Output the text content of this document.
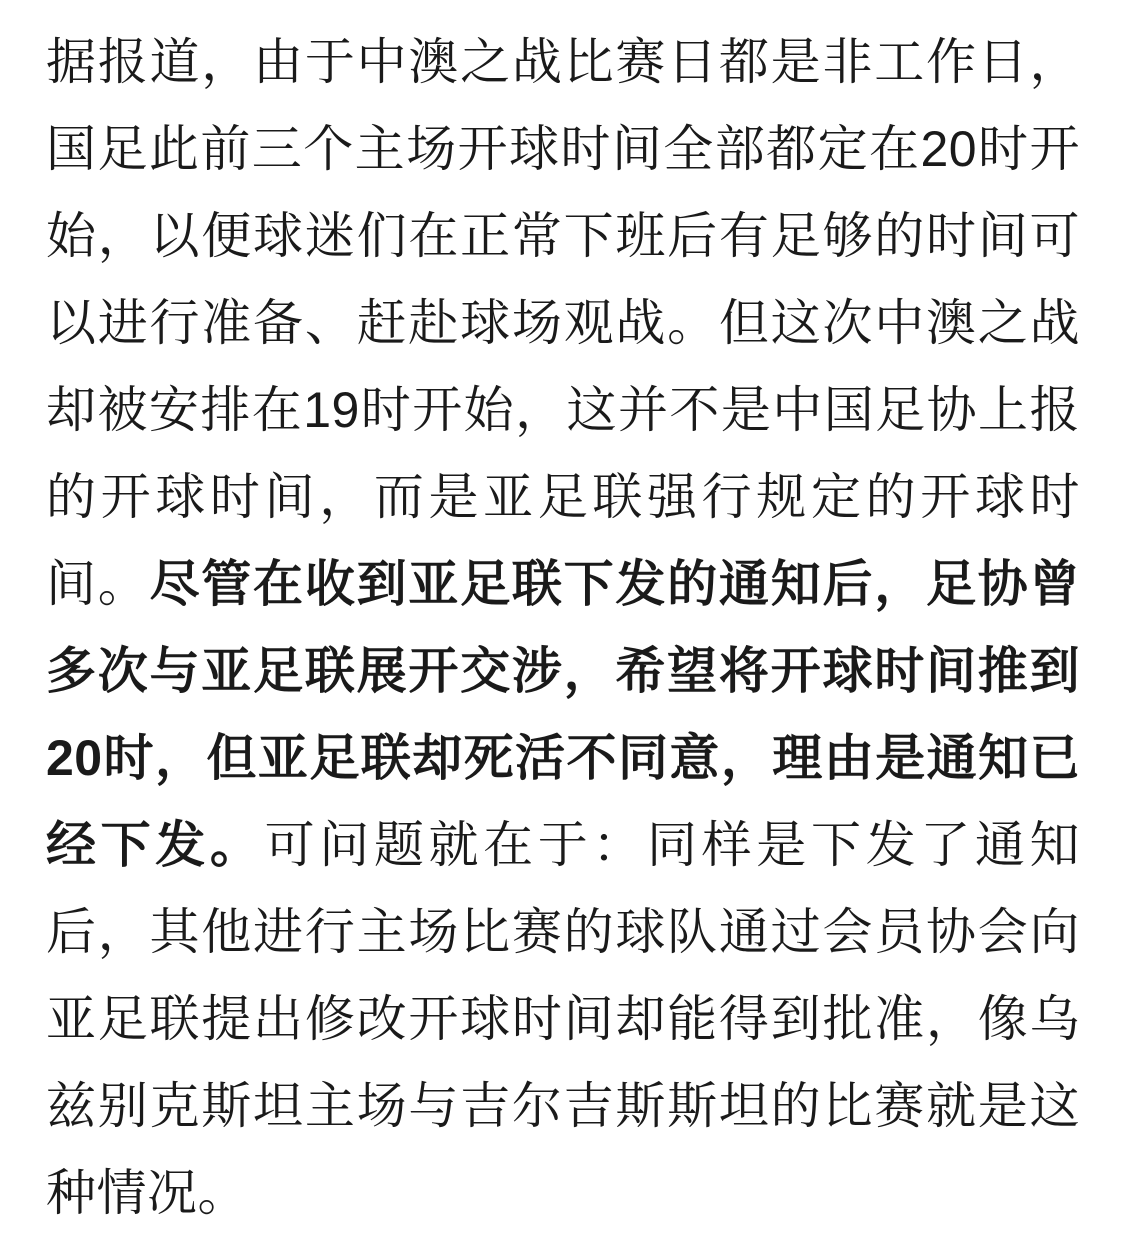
据报道，由于中澳之战比赛日都是非工作日，国足此前三个主场开球时间全部都定在20时开始，以便球迷们在正常下班后有足够的时间可以进行准备、赶赴球场观战。但这次中澳之战却被安排在19时开始，这并不是中国足协上报的开球时间，而是亚足联强行规定的开球时间。尽管在收到亚足联下发的通知后，足协曾多次与亚足联展开交涉，希望将开球时间推到20时，但亚足联却死活不同意，理由是通知已经下发。可问题就在于：同样是下发了通知后，其他进行主场比赛的球队通过会员协会向亚足联提出修改开球时间却能得到批准，像乌兹别克斯坦主场与吉尔吉斯斯坦的比赛就是这种情况。
